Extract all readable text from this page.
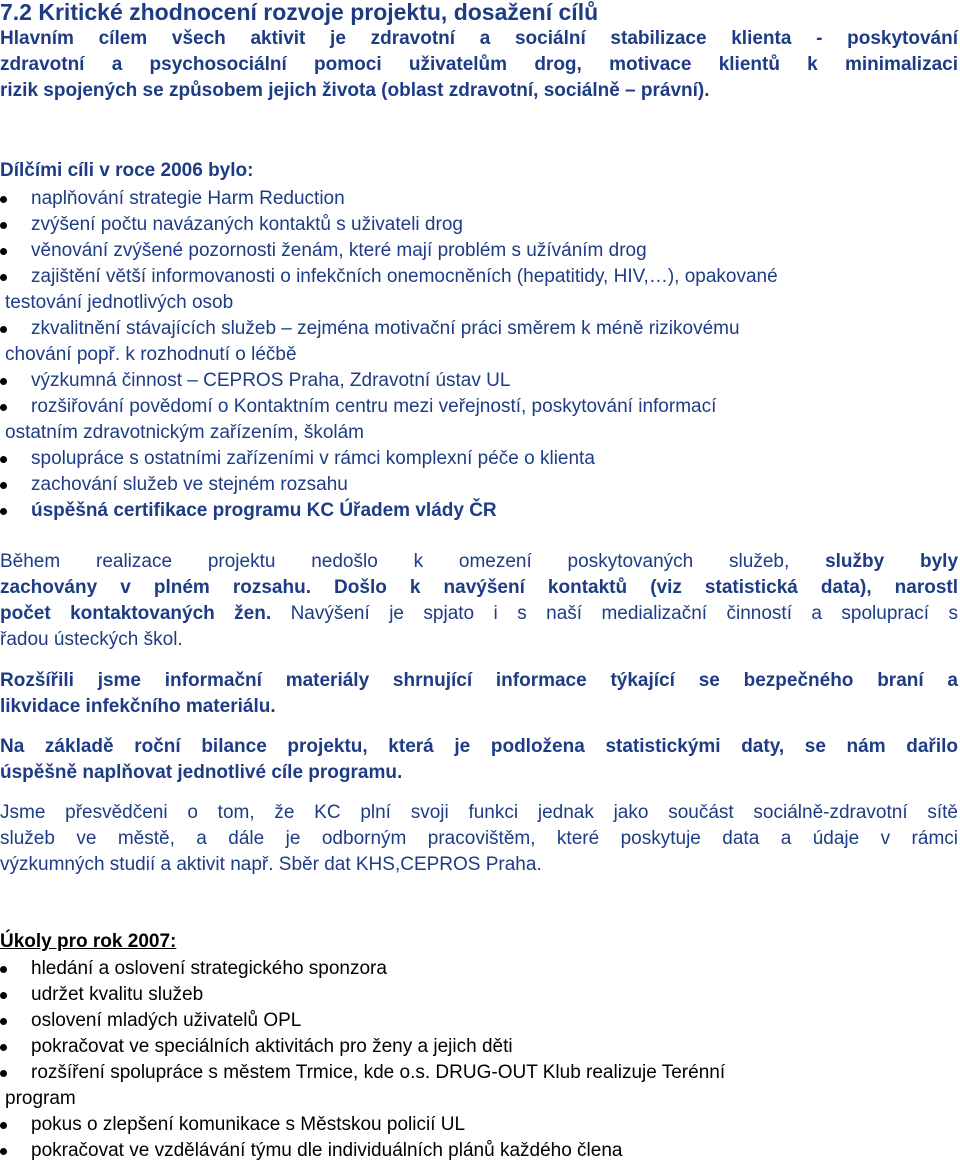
7.2 Kritické zhodnocení rozvoje projektu, dosažení cílů
Hlavním cílem všech aktivit je zdravotní a sociální stabilizace klienta - poskytování
zdravotní a psychosociální pomoci uživatelům drog, motivace klientů k minimalizaci
rizik spojených se způsobem jejich života (oblast zdravotní, sociálně – právní).
Dílčími cíli v roce 2006 bylo:
naplňování strategie Harm Reduction
zvýšení počtu navázaných kontaktů s uživateli drog
věnování zvýšené pozornosti ženám, které mají problém s užíváním drog
zajištění větší informovanosti o infekčních onemocněních (hepatitidy, HIV,…), opakované
testování jednotlivých osob
zkvalitnění stávajících služeb – zejména motivační práci směrem k méně rizikovému
chování popř. k rozhodnutí o léčbě
výzkumná činnost – CEPROS Praha, Zdravotní ústav UL
rozšiřování povědomí o Kontaktním centru mezi veřejností, poskytování informací
ostatním zdravotnickým zařízením, školám
spolupráce s ostatními zařízeními v rámci komplexní péče o klienta
zachování služeb ve stejném rozsahu
úspěšná certifikace programu KC Úřadem vlády ČR
Během realizace projektu nedošlo k omezení poskytovaných služeb, služby byly
zachovány v plném rozsahu. Došlo k navýšení kontaktů (viz statistická data), narostl
počet kontaktovaných žen. Navýšení je spjato i s naší medializační činností a spoluprací s
řadou ústeckých škol.
Rozšířili jsme informační materiály shrnující informace týkající se bezpečného braní a
likvidace infekčního materiálu.
Na základě roční bilance projektu, která je podložena statistickými daty, se nám dařilo
úspěšně naplňovat jednotlivé cíle programu.
Jsme přesvědčeni o tom, že KC plní svoji funkci jednak jako součást sociálně-zdravotní sítě
služeb ve městě, a dále je odborným pracovištěm, které poskytuje data a údaje v rámci
výzkumných studií a aktivit např. Sběr dat KHS,CEPROS Praha.
Úkoly pro rok 2007:
hledání a oslovení strategického sponzora
udržet kvalitu služeb
oslovení mladých uživatelů OPL
pokračovat ve speciálních aktivitách pro ženy a jejich děti
rozšíření spolupráce s městem Trmice, kde o.s. DRUG-OUT Klub realizuje Terénní
program
pokus o zlepšení komunikace s Městskou policií UL
pokračovat ve vzdělávání týmu dle individuálních plánů každého člena
